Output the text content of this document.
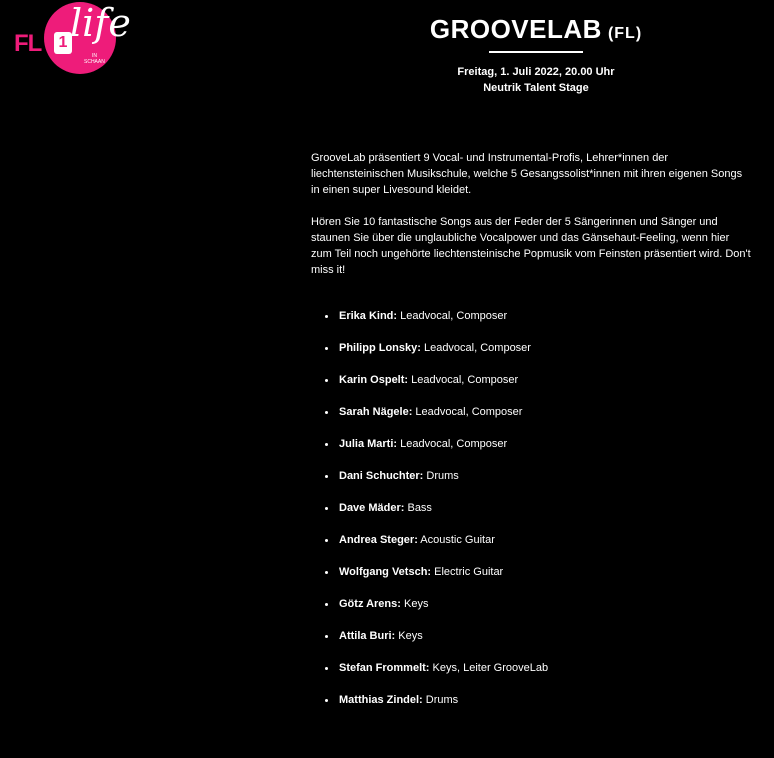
FL 1 life
IN
SCHAAN
GROOVELAB (FL)
Freitag, 1. Juli 2022, 20.00 Uhr
Neutrik Talent Stage

GrooveLab präsentiert 9 Vocal- und Instrumental-Profis, Lehrer*innen der liechtensteinischen Musikschule, welche 5 Gesangssolist*innen mit ihren eigenen Songs in einen super Livesound kleidet.

Hören Sie 10 fantastische Songs aus der Feder der 5 Sängerinnen und Sänger und staunen Sie über die unglaubliche Vocalpower und das Gänsehaut-Feeling, wenn hier zum Teil noch ungehörte liechtensteinische Popmusik vom Feinsten präsentiert wird. Don't miss it!

Erika Kind: Leadvocal, Composer
Philipp Lonsky: Leadvocal, Composer
Karin Ospelt: Leadvocal, Composer
Sarah Nägele: Leadvocal, Composer
Julia Marti: Leadvocal, Composer
Dani Schuchter: Drums
Dave Mäder: Bass
Andrea Steger: Acoustic Guitar
Wolfgang Vetsch: Electric Guitar
Götz Arens: Keys
Attila Buri: Keys
Stefan Frommelt: Keys, Leiter GrooveLab
Matthias Zindel: Drums
